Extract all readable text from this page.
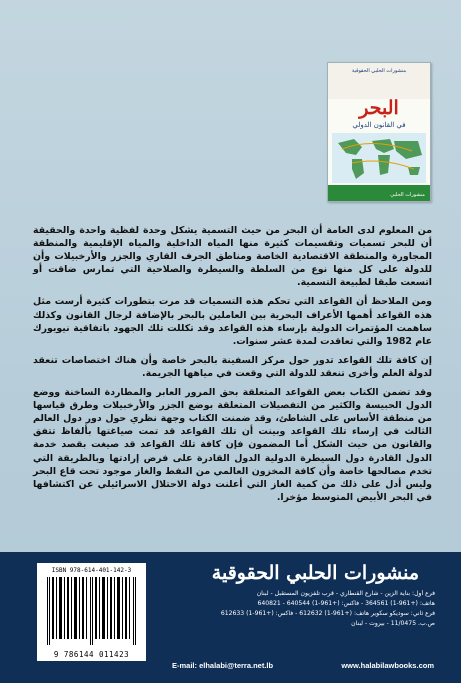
منشورات الحلبي الحقوقية
البحر
في القانون الدولي
منشورات الحلبي

من المعلوم لدى العامة أن البحر من حيث التسمية يشكل وحدة لفظية واحدة والحقيقة أن للبحر تسميات وتقسيمات كثيرة منها المياه الداخلية والمياه الإقليمية والمنطقة المجاورة والمنطقة الاقتصادية الخاصة ومناطق الجرف القاري والجزر والأرخبيلات وأن للدولة على كل منها نوع من السلطة والسيطرة والصلاحية التي تمارس ضاقت أو اتسعت طبقا لطبيعة التسمية.

ومن الملاحظ أن القواعد التي تحكم هذه التسميات قد مرت بتطورات كثيرة أرست مثل هذه القواعد أهمها الأعراف البحرية بين العاملين بالبحر بالإضافة لرجال القانون وكذلك ساهمت المؤتمرات الدولية بإرساء هذه القواعد وقد تكللت تلك الجهود باتفاقية نيويورك عام 1982 والتي تعاقدت لمدة عشر سنوات.

إن كافة تلك القواعد تدور حول مركز السفينة بالبحر خاصة وأن هناك اختصاصات تنعقد لدولة العلم وأخرى تنعقد للدولة التي وقعت في مياهها الجريمة.

وقد تضمن الكتاب بعض القواعد المتعلقة بحق المرور العابر والمطاردة الساخنة ووضع الدول الحبيسة والكثير من التفصيلات المتعلقة بوضع الجزر والأرخبيلات وطرق قياسها من منطقة الأساس على الشاطئ، وقد ضمنت الكتاب وجهة نظري حول دور دول العالم الثالث في إرساء تلك القواعد وبينت أن تلك القواعد قد تمت صياغتها بألفاظ تتفق والقانون من حيث الشكل أما المضمون فإن كافة تلك القواعد قد صيغت بقصد خدمة الدول القادرة دول السيطرة الدولية الدول القادرة على فرض إرادتها وبالطريقة التي تخدم مصالحها خاصة وأن كافة المخزون العالمي من النفط والغاز موجود تحت قاع البحر وليس أدل على ذلك من كمية الغاز التي أعلنت دولة الاحتلال الاسرائيلي عن اكتشافها في البحر الأبيض المتوسط مؤخرا.

ISBN 978-614-401-142-3
9 786144 011423
منشورات الحلبي الحقوقية
فرع أول: بناية الزين - شارع القنطاري - قرب تلفزيون المستقبل - لبنان
هاتف: (+961-1) 364561 - فاكس: (+961-1) 640544 - 640821
فرع ثاني: سوديكو سكوير هاتف: (+961-1) 612632 - فاكس: (+961-1) 612633
ص.ب. 11/0475 - بيروت - لبنان
E-mail: elhalabi@terra.net.lb	www.halabilawbooks.com
